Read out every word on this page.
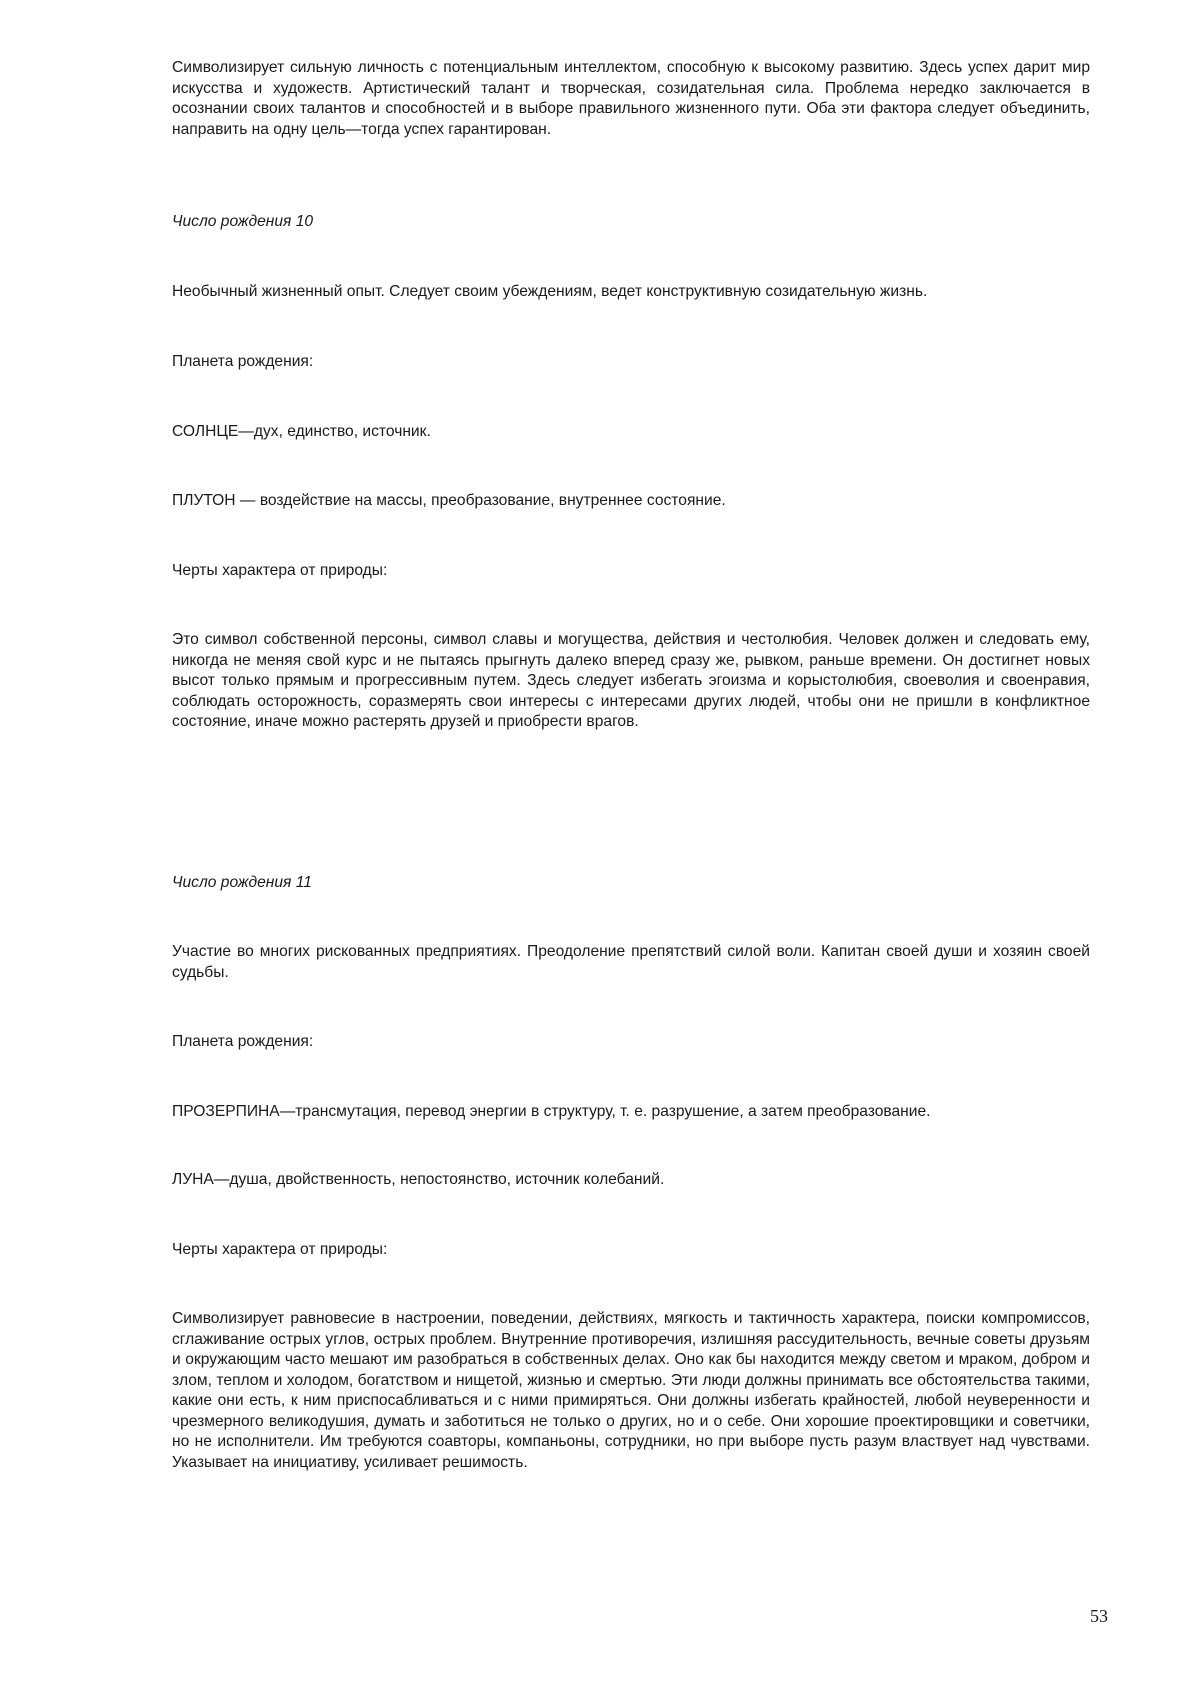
Символизирует сильную личность с потенциальным интеллектом, способную к высокому развитию. Здесь успех дарит мир искусства и художеств. Артистический талант и творческая, созидательная сила. Проблема нередко заключается в осознании своих талантов и способностей и в выборе правильного жизненного пути. Оба эти фактора следует объединить, направить на одну цель—тогда успех гарантирован.

Число рождения 10

Необычный жизненный опыт. Следует своим убеждениям, ведет конструктивную созидательную жизнь.

Планета рождения:

СОЛНЦЕ—дух, единство, источник.

ПЛУТОН — воздействие на массы, преобразование, внутреннее состояние.

Черты характера от природы:

Это символ собственной персоны, символ славы и могущества, действия и честолюбия. Человек должен и следовать ему, никогда не меняя свой курс и не пытаясь прыгнуть далеко вперед сразу же, рывком, раньше времени. Он достигнет новых высот только прямым и прогрессивным путем. Здесь следует избегать эгоизма и корыстолюбия, своеволия и своенравия, соблюдать осторожность, соразмерять свои интересы с интересами других людей, чтобы они не пришли в конфликтное состояние, иначе можно растерять друзей и приобрести врагов.

Число рождения 11

Участие во многих рискованных предприятиях. Преодоление препятствий силой воли. Капитан своей души и хозяин своей судьбы.

Планета рождения:

ПРОЗЕРПИНА—трансмутация, перевод энергии в структуру, т. е. разрушение, а затем преобразование.

ЛУНА—душа, двойственность, непостоянство, источник колебаний.

Черты характера от природы:

Символизирует равновесие в настроении, поведении, действиях, мягкость и тактичность характера, поиски компромиссов, сглаживание острых углов, острых проблем. Внутренние противоречия, излишняя рассудительность, вечные советы друзьям и окружающим часто мешают им разобраться в собственных делах. Оно как бы находится между светом и мраком, добром и злом, теплом и холодом, богатством и нищетой, жизнью и смертью. Эти люди должны принимать все обстоятельства такими, какие они есть, к ним приспосабливаться и с ними примиряться. Они должны избегать крайностей, любой неуверенности и чрезмерного великодушия, думать и заботиться не только о других, но и о себе. Они хорошие проектировщики и советчики, но не исполнители. Им требуются соавторы, компаньоны, сотрудники, но при выборе пусть разум властвует над чувствами. Указывает на инициативу, усиливает решимость.

53
